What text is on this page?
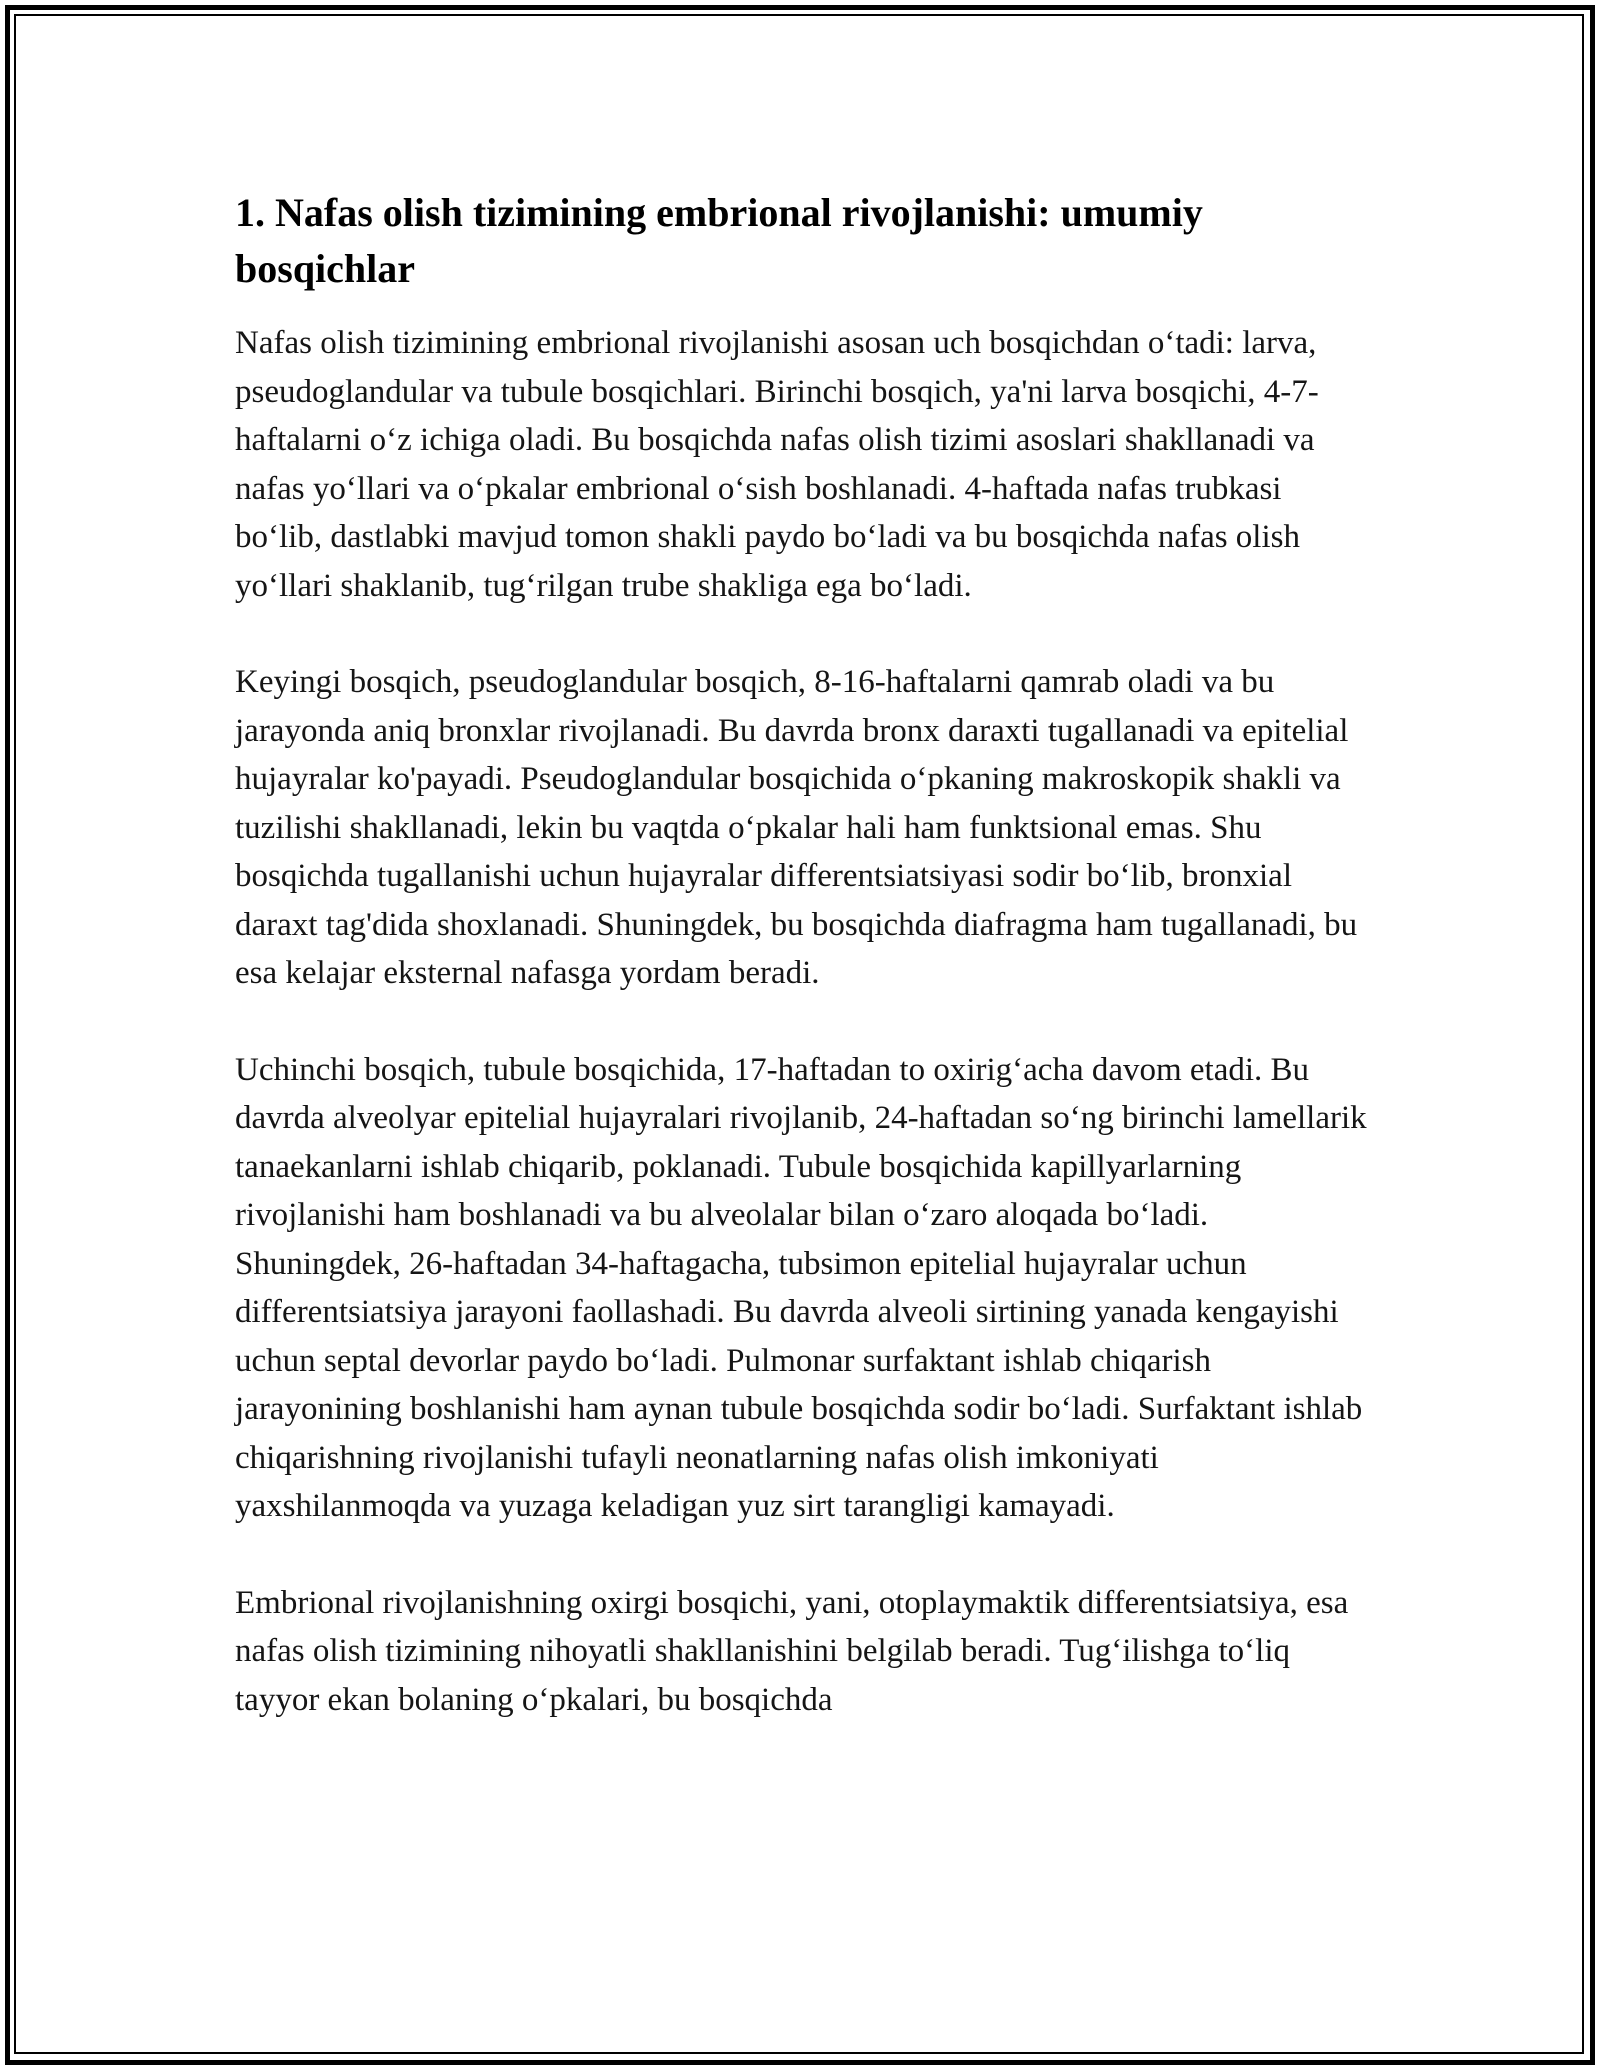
1. Nafas olish tizimining embrional rivojlanishi: umumiy bosqichlar

Nafas olish tizimining embrional rivojlanishi asosan uch bosqichdan o‘tadi: larva, pseudoglandular va tubule bosqichlari. Birinchi bosqich, ya'ni larva bosqichi, 4-7-haftalarni o‘z ichiga oladi. Bu bosqichda nafas olish tizimi asoslari shakllanadi va nafas yo‘llari va o‘pkalar embrional o‘sish boshlanadi. 4-haftada nafas trubkasi bo‘lib, dastlabki mavjud tomon shakli paydo bo‘ladi va bu bosqichda nafas olish yo‘llari shaklanib, tug‘rilgan trube shakliga ega bo‘ladi.

Keyingi bosqich, pseudoglandular bosqich, 8-16-haftalarni qamrab oladi va bu jarayonda aniq bronxlar rivojlanadi. Bu davrda bronx daraxti tugallanadi va epitelial hujayralar ko'payadi. Pseudoglandular bosqichida o‘pkaning makroskopik shakli va tuzilishi shakllanadi, lekin bu vaqtda o‘pkalar hali ham funktsional emas. Shu bosqichda tugallanishi uchun hujayralar differentsiatsiyasi sodir bo‘lib, bronxial daraxt tag'dida shoxlanadi. Shuningdek, bu bosqichda diafragma ham tugallanadi, bu esa kelajar eksternal nafasga yordam beradi.

Uchinchi bosqich, tubule bosqichida, 17-haftadan to oxirig‘acha davom etadi. Bu davrda alveolyar epitelial hujayralari rivojlanib, 24-haftadan so‘ng birinchi lamellarik tanaekanlarni ishlab chiqarib, poklanadi. Tubule bosqichida kapillyarlarning rivojlanishi ham boshlanadi va bu alveolalar bilan o‘zaro aloqada bo‘ladi. Shuningdek, 26-haftadan 34-haftagacha, tubsimon epitelial hujayralar uchun differentsiatsiya jarayoni faollashadi. Bu davrda alveoli sirtining yanada kengayishi uchun septal devorlar paydo bo‘ladi. Pulmonar surfaktant ishlab chiqarish jarayonining boshlanishi ham aynan tubule bosqichda sodir bo‘ladi. Surfaktant ishlab chiqarishning rivojlanishi tufayli neonatlarning nafas olish imkoniyati yaxshilanmoqda va yuzaga keladigan yuz sirt tarangligi kamayadi.

Embrional rivojlanishning oxirgi bosqichi, yani, otoplaymaktik differentsiatsiya, esa nafas olish tizimining nihoyatli shakllanishini belgilab beradi. Tug‘ilishga to‘liq tayyor ekan bolaning o‘pkalari, bu bosqichda
